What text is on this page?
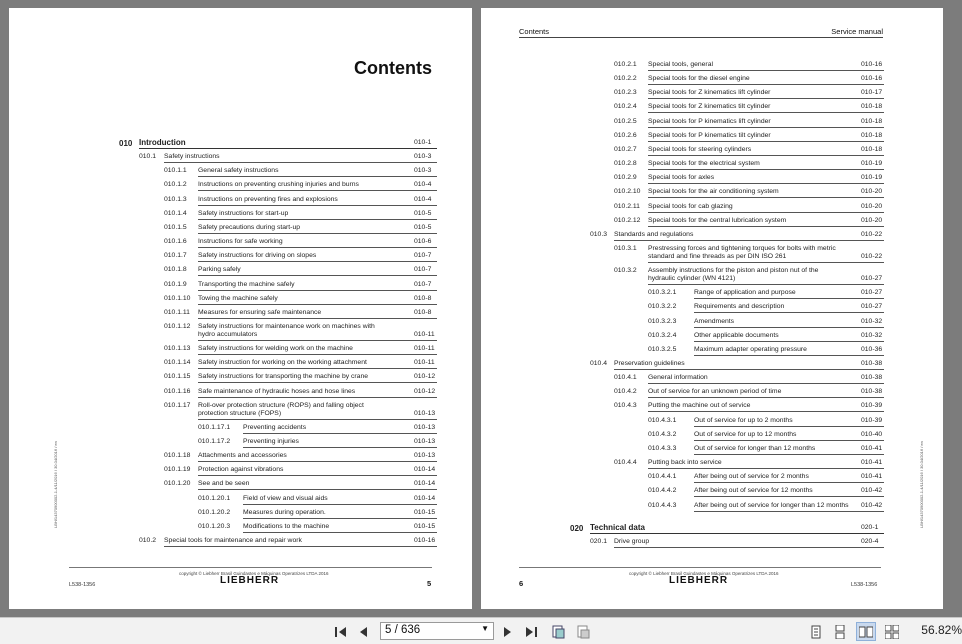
Contents
010 Introduction	010-1
010.1 Safety instructions	010-3
010.1.1 General safety instructions	010-3
010.1.2 Instructions on preventing crushing injuries and burns	010-4
010.1.3 Instructions on preventing fires and explosions	010-4
010.1.4 Safety instructions for start-up	010-5
010.1.5 Safety precautions during start-up	010-5
010.1.6 Instructions for safe working	010-6
010.1.7 Safety instructions for driving on slopes	010-7
010.1.8 Parking safely	010-7
010.1.9 Transporting the machine safely	010-7
010.1.10 Towing the machine safely	010-8
010.1.11 Measures for ensuring safe maintenance	010-8
010.1.12 Safety instructions for maintenance work on machines with hydro accumulators	010-11
010.1.13 Safety instructions for welding work on the machine	010-11
010.1.14 Safety instruction for working on the working attachment	010-11
010.1.15 Safety instructions for transporting the machine by crane	010-12
010.1.16 Safe maintenance of hydraulic hoses and hose lines	010-12
010.1.17 Roll-over protection structure (ROPS) and falling object protection structure (FOPS)	010-13
010.1.17.1 Preventing accidents	010-13
010.1.17.2 Preventing injuries	010-13
010.1.18 Attachments and accessories	010-13
010.1.19 Protection against vibrations	010-14
010.1.20 See and be seen	010-14
010.1.20.1 Field of view and visual aids	010-14
010.1.20.2 Measures during operation.	010-15
010.1.20.3 Modifications to the machine	010-15
010.2 Special tools for maintenance and repair work	010-16
LBH/14370900002-1-4/11/2016 / 30.04/2016 / en
copyright © Liebherr Brasil Guindastes e Máquinas Operatrizes LTDA 2016
LIEBHERR
L538-1356	5
Contents	Service manual
010.2.1 Special tools, general	010-16
010.2.2 Special tools for the diesel engine	010-16
010.2.3 Special tools for Z kinematics lift cylinder	010-17
010.2.4 Special tools for Z kinematics tilt cylinder	010-18
010.2.5 Special tools for P kinematics lift cylinder	010-18
010.2.6 Special tools for P kinematics tilt cylinder	010-18
010.2.7 Special tools for steering cylinders	010-18
010.2.8 Special tools for the electrical system	010-19
010.2.9 Special tools for axles	010-19
010.2.10 Special tools for the air conditioning system	010-20
010.2.11 Special tools for cab glazing	010-20
010.2.12 Special tools for the central lubrication system	010-20
010.3 Standards and regulations	010-22
010.3.1 Prestressing forces and tightening torques for bolts with metric standard and fine threads as per DIN ISO 261	010-22
010.3.2 Assembly instructions for the piston and piston nut of the hydraulic cylinder (WN 4121)	010-27
010.3.2.1	Range of application and purpose	010-27
010.3.2.2	Requirements and description	010-27
010.3.2.3	Amendments	010-32
010.3.2.4	Other applicable documents	010-32
010.3.2.5	Maximum adapter operating pressure	010-36
010.4 Preservation guidelines	010-38
010.4.1 General information	010-38
010.4.2 Out of service for an unknown period of time	010-38
010.4.3 Putting the machine out of service	010-39
010.4.3.1	Out of service for up to 2 months	010-39
010.4.3.2	Out of service for up to 12 months	010-40
010.4.3.3	Out of service for longer than 12 months	010-41
010.4.4 Putting back into service	010-41
010.4.4.1	After being out of service for 2 months	010-41
010.4.4.2	After being out of service for 12 months	010-42
010.4.4.3	After being out of service for longer than 12 months	010-42
020 Technical data	020-1
020.1 Drive group	020-4
LBH/14370900002-1-4/11/2016 / 30.04/2016 / en
copyright © Liebherr Brasil Guindastes e Máquinas Operatrizes LTDA 2016
LIEBHERR	L538-1356
6
5 / 636	▼	56.82%
